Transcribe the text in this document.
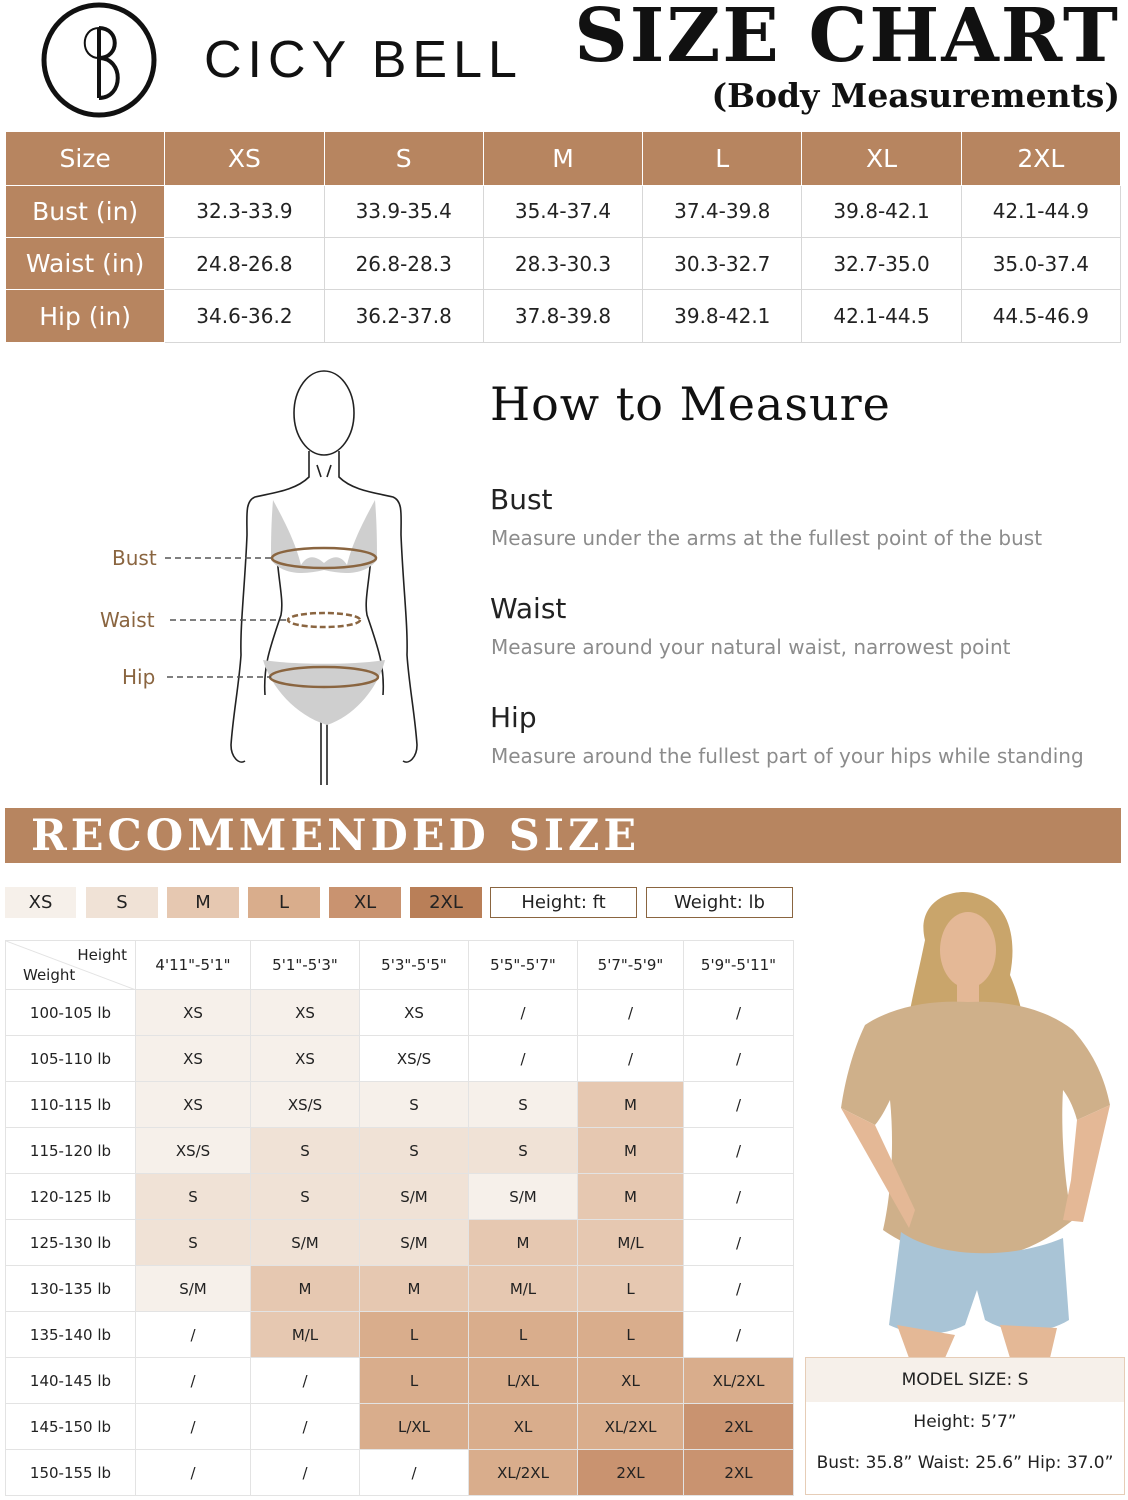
CICY BELL SIZE CHART
(Body Measurements)
Size	XS	S	M	L	XL	2XL
Bust (in)	32.3-33.9	33.9-35.4	35.4-37.4	37.4-39.8	39.8-42.1	42.1-44.9
Waist (in)	24.8-26.8	26.8-28.3	28.3-30.3	30.3-32.7	32.7-35.0	35.0-37.4
Hip (in)	34.6-36.2	36.2-37.8	37.8-39.8	39.8-42.1	42.1-44.5	44.5-46.9
Bust
Waist
Hip
How to Measure
Bust
Measure under the arms at the fullest point of the bust
Waist
Measure around your natural waist, narrowest point
Hip
Measure around the fullest part of your hips while standing
RECOMMENDED SIZE
XS	S	M	L	XL	2XL	Height: ft	Weight: lb
Height
Weight	4'11"-5'1"	5'1"-5'3"	5'3"-5'5"	5'5"-5'7"	5'7"-5'9"	5'9"-5'11"
100-105 lb	XS	XS	XS	/	/	/
105-110 lb	XS	XS	XS/S	/	/	/
110-115 lb	XS	XS/S	S	S	M	/
115-120 lb	XS/S	S	S	S	M	/
120-125 lb	S	S	S/M	S/M	M	/
125-130 lb	S	S/M	S/M	M	M/L	/
130-135 lb	S/M	M	M	M/L	L	/
135-140 lb	/	M/L	L	L	L	/
140-145 lb	/	/	L	L/XL	XL	XL/2XL
145-150 lb	/	/	L/XL	XL	XL/2XL	2XL
150-155 lb	/	/	/	XL/2XL	2XL	2XL
MODEL SIZE: S
Height: 5’7”
Bust: 35.8” Waist: 25.6” Hip: 37.0”
